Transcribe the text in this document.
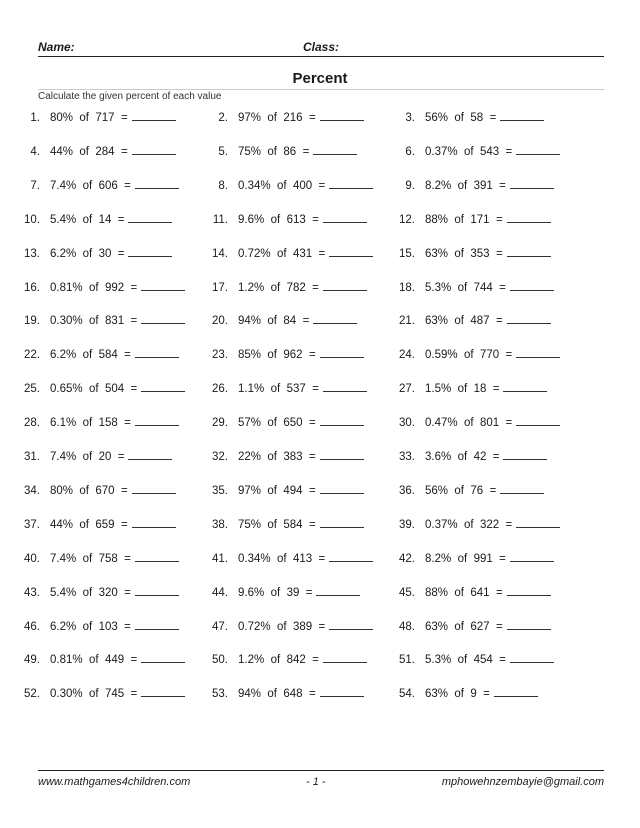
Name:	Class:
Percent
Calculate the given percent of each value
1. 80%  of  717  =	2. 97%  of  216  =	3. 56%  of  58  =
4. 44%  of  284  =	5. 75%  of  86  =	6. 0.37%  of  543  =
7. 7.4%  of  606  =	8. 0.34%  of  400  =	9. 8.2%  of  391  =
10. 5.4%  of  14  =	11. 9.6%  of  613  =	12. 88%  of  171  =
13. 6.2%  of  30  =	14. 0.72%  of  431  =	15. 63%  of  353  =
16. 0.81%  of  992  =	17. 1.2%  of  782  =	18. 5.3%  of  744  =
19. 0.30%  of  831  =	20. 94%  of  84  =	21. 63%  of  487  =
22. 6.2%  of  584  =	23. 85%  of  962  =	24. 0.59%  of  770  =
25. 0.65%  of  504  =	26. 1.1%  of  537  =	27. 1.5%  of  18  =
28. 6.1%  of  158  =	29. 57%  of  650  =	30. 0.47%  of  801  =
31. 7.4%  of  20  =	32. 22%  of  383  =	33. 3.6%  of  42  =
34. 80%  of  670  =	35. 97%  of  494  =	36. 56%  of  76  =
37. 44%  of  659  =	38. 75%  of  584  =	39. 0.37%  of  322  =
40. 7.4%  of  758  =	41. 0.34%  of  413  =	42. 8.2%  of  991  =
43. 5.4%  of  320  =	44. 9.6%  of  39  =	45. 88%  of  641  =
46. 6.2%  of  103  =	47. 0.72%  of  389  =	48. 63%  of  627  =
49. 0.81%  of  449  =	50. 1.2%  of  842  =	51. 5.3%  of  454  =
52. 0.30%  of  745  =	53. 94%  of  648  =	54. 63%  of  9  =
www.mathgames4children.com	- 1 -	mphowehnzembayie@gmail.com
